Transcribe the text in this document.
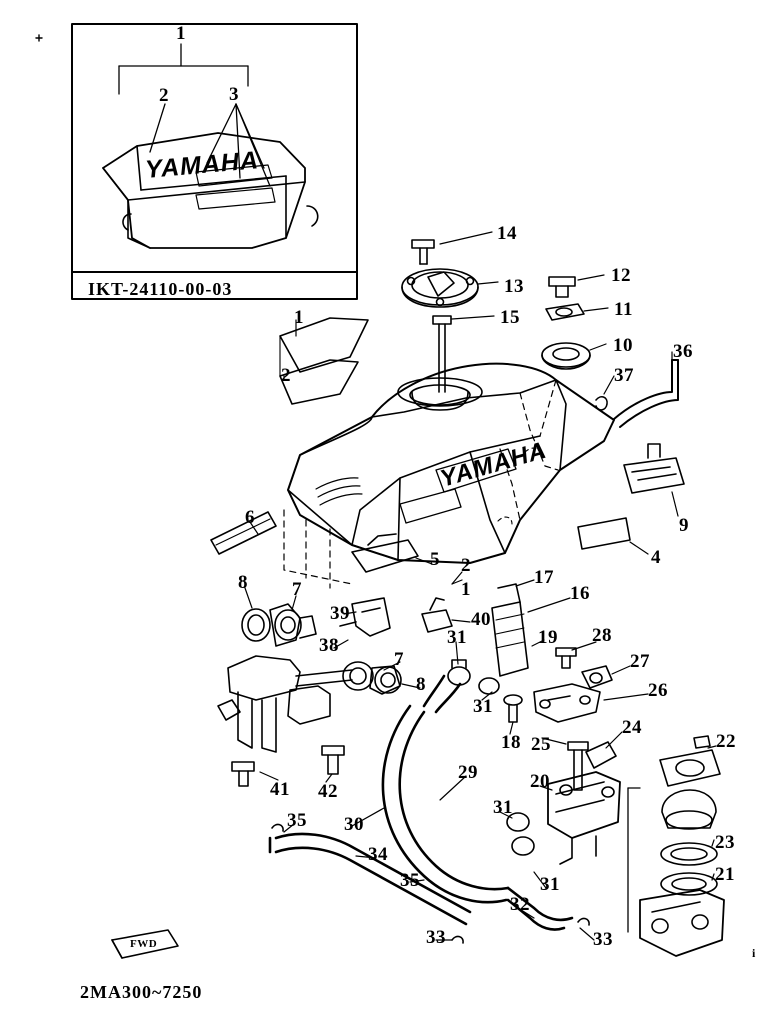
YAMAHA
YAMAHA
1
2	3
IKT-24110-00-03
14
13
12
11
15
10 36
37
1
2
9
4
6
8 7
5 2
1
17
16
39
38
40
31	19 28
27
26
7
8
31
18 25
24
22
41 42	20
23
21
29
30
35
31
34
35	31
32
33	33
FWD
2MA300~7250
i
